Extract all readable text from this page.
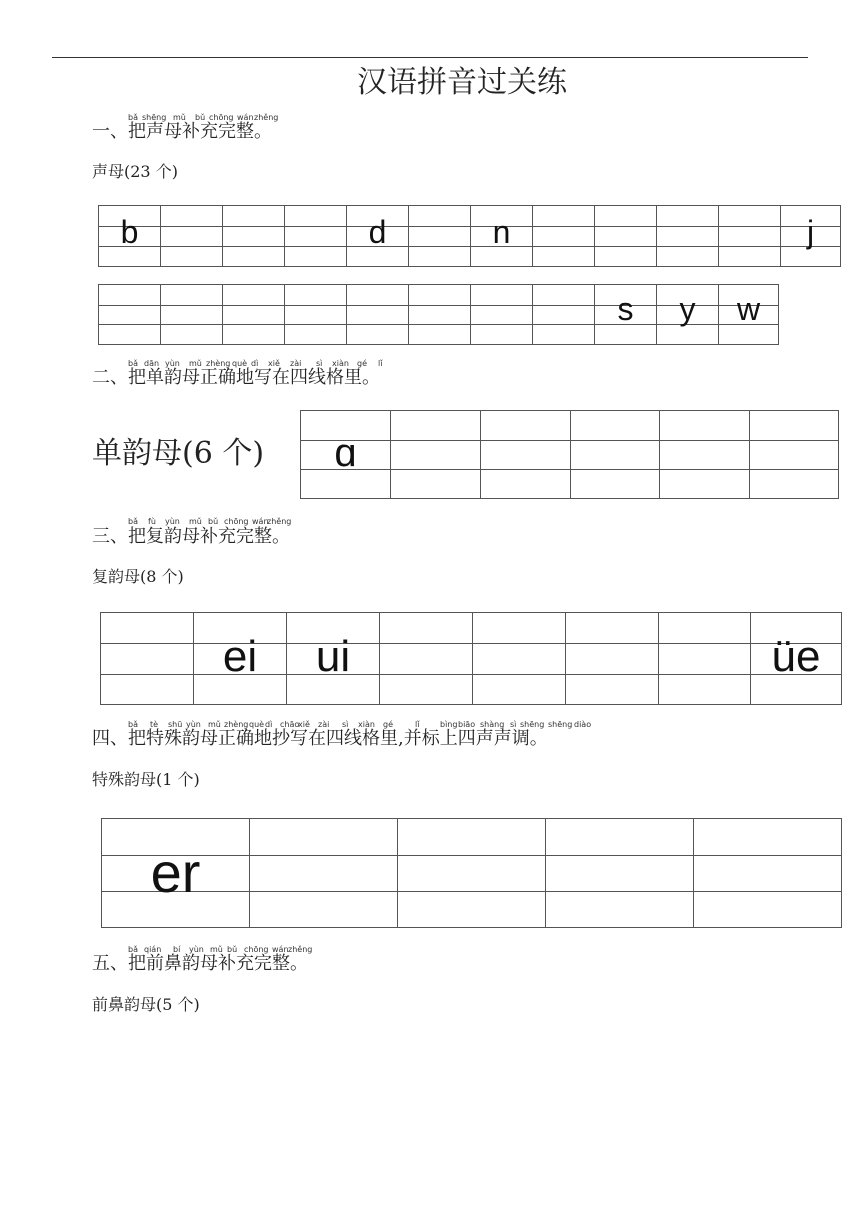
汉语拼音过关练
bǎ shēng mǔ bǔ chōng wán zhěng
一、把声母补充完整。
声母(23 个)
b	d	n	j
s	y	w
bǎ dān yùn mǔ zhèng què dì xiě zài sì xiàn gé lǐ
二、把单韵母正确地写在四线格里。
单韵母(6 个)	ɑ
bǎ fù yùn mǔ bǔ chōng wán
zhěng
三、把复韵母补充完整。
复韵母(8 个)
ei	ui	üe
bǎ tè shū yùn mǔ zhèng què dì chāo
xiě zài sì xiàn gé	lǐ	bìng biāo shàng sì shēng shēng diào
四、把特殊韵母正确地抄写在四线格里,并标上四声声调。
特殊韵母(1 个)
er
bǎ qián bí yùn mǔ bǔ chōng wán zhěng
五、把前鼻韵母补充完整。
前鼻韵母(5 个)
